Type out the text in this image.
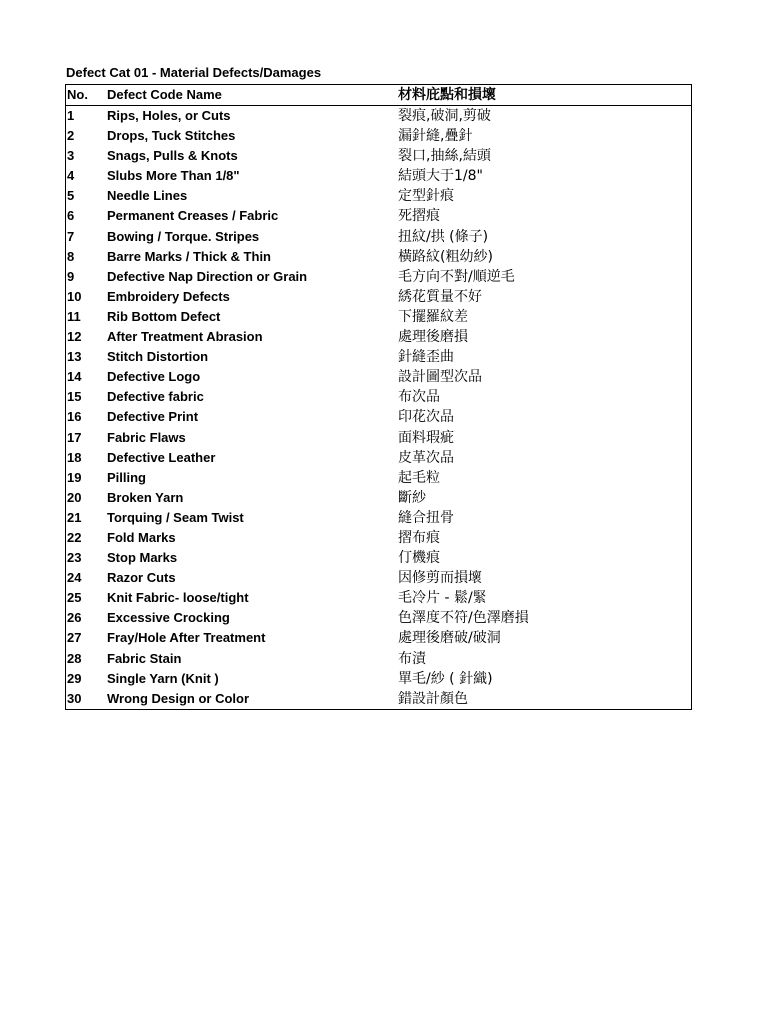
Defect Cat 01 - Material Defects/Damages
No. Defect Code Name	材料庇點和損壞
1	Rips, Holes, or Cuts	裂痕,破洞,剪破
2	Drops, Tuck Stitches	漏針縫,疊針
3	Snags, Pulls & Knots	裂口,抽絲,結頭
4	Slubs More Than 1/8"	結頭大于1/8"
5	Needle Lines	定型針痕
6	Permanent Creases / Fabric	死摺痕
7	Bowing / Torque. Stripes	扭紋/拱 (條子)
8	Barre Marks / Thick & Thin	橫路紋(粗幼紗)
9	Defective Nap Direction or Grain	毛方向不對/順逆毛
10 Embroidery Defects	綉花質量不好
11 Rib Bottom Defect	下擺羅紋差
12 After Treatment Abrasion	處理後磨損
13 Stitch Distortion	針縫歪曲
14 Defective Logo	設計圖型次品
15 Defective fabric	布次品
16 Defective Print	印花次品
17 Fabric Flaws	面料瑕疵
18 Defective Leather	皮革次品
19 Pilling	起毛粒
20 Broken Yarn	斷紗
21 Torquing / Seam Twist	縫合扭骨
22 Fold Marks	摺布痕
23 Stop Marks	仃機痕
24 Razor Cuts	因修剪而損壞
25 Knit Fabric- loose/tight	毛冷片 - 鬆/緊
26 Excessive Crocking	色澤度不符/色澤磨損
27 Fray/Hole After Treatment	處理後磨破/破洞
28 Fabric Stain	布漬
29 Single Yarn (Knit )	單毛/紗 ( 針織)
30 Wrong Design or Color	錯設計顏色
